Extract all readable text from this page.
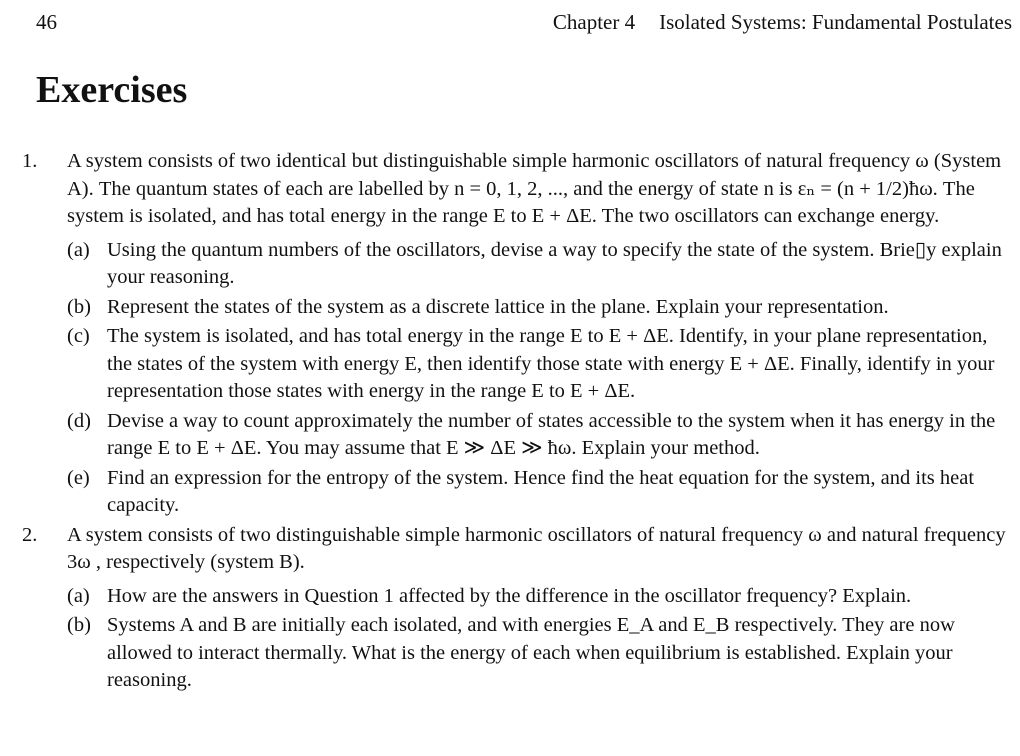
46	Chapter 4 Isolated Systems: Fundamental Postulates
Exercises
1. A system consists of two identical but distinguishable simple harmonic oscillators of natural frequency ω (System A). The quantum states of each are labelled by n = 0, 1, 2, ..., and the energy of state n is εₙ = (n + 1/2)ħω. The system is isolated, and has total energy in the range E to E + ΔE. The two oscillators can exchange energy.
(a) Using the quantum numbers of the oscillators, devise a way to specify the state of the system. Brie▯y explain your reasoning.
(b) Represent the states of the system as a discrete lattice in the plane. Explain your representation.
(c) The system is isolated, and has total energy in the range E to E + ΔE. Identify, in your plane representation, the states of the system with energy E, then identify those state with energy E + ΔE. Finally, identify in your representation those states with energy in the range E to E + ΔE.
(d) Devise a way to count approximately the number of states accessible to the system when it has energy in the range E to E + ΔE. You may assume that E ≫ ΔE ≫ ħω. Explain your method.
(e) Find an expression for the entropy of the system. Hence find the heat equation for the system, and its heat capacity.
2. A system consists of two distinguishable simple harmonic oscillators of natural frequency ω and natural frequency 3ω , respectively (system B).
(a) How are the answers in Question 1 affected by the difference in the oscillator frequency? Explain.
(b) Systems A and B are initially each isolated, and with energies E_A and E_B respectively. They are now allowed to interact thermally. What is the energy of each when equilibrium is established. Explain your reasoning.
